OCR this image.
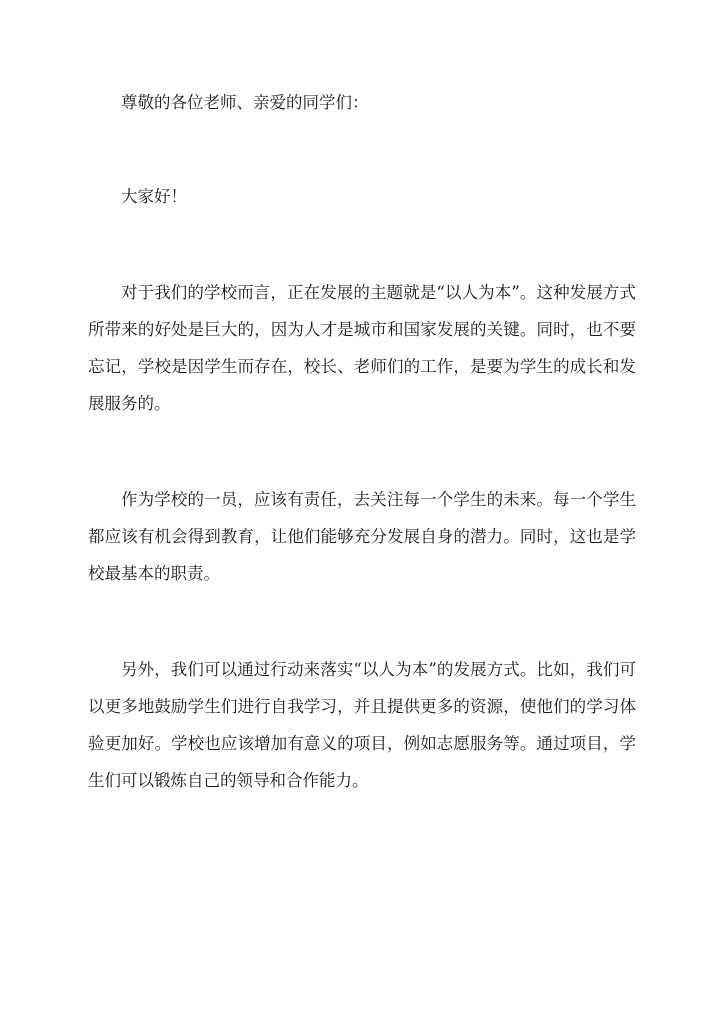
尊敬的各位老师、亲爱的同学们：

大家好！

对于我们的学校而言，正在发展的主题就是“以人为本”。这种发展方式所带来的好处是巨大的，因为人才是城市和国家发展的关键。同时，也不要忘记，学校是因学生而存在，校长、老师们的工作，是要为学生的成长和发展服务的。

作为学校的一员，应该有责任，去关注每一个学生的未来。每一个学生都应该有机会得到教育，让他们能够充分发展自身的潜力。同时，这也是学校最基本的职责。

另外，我们可以通过行动来落实“以人为本”的发展方式。比如，我们可以更多地鼓励学生们进行自我学习，并且提供更多的资源，使他们的学习体验更加好。学校也应该增加有意义的项目，例如志愿服务等。通过项目，学生们可以锻炼自己的领导和合作能力。
